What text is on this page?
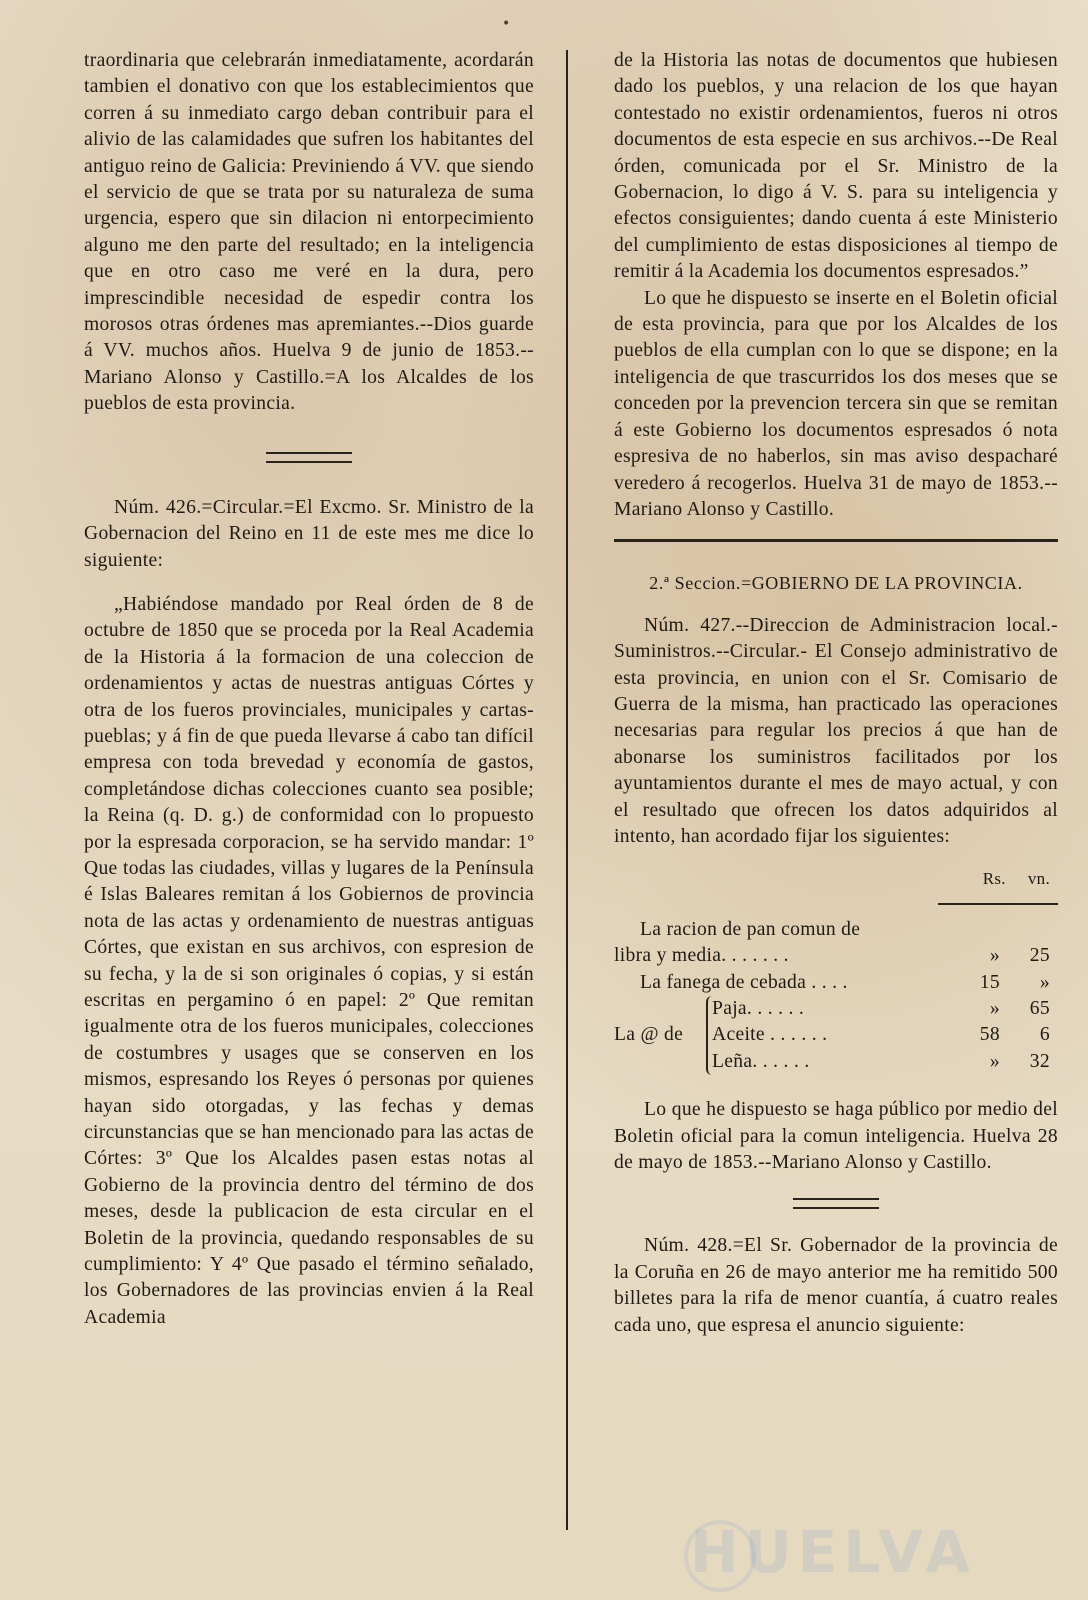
•

traordinaria que celebrarán inmediatamente, acordarán tambien el donativo con que los establecimientos que corren á su inmediato cargo deban contribuir para el alivio de las calamidades que sufren los habitantes del antiguo reino de Galicia: Previniendo á VV. que siendo el servicio de que se trata por su naturaleza de suma urgencia, espero que sin dilacion ni entorpecimiento alguno me den parte del resultado; en la inteligencia que en otro caso me veré en la dura, pero imprescindible necesidad de espedir contra los morosos otras órdenes mas apremiantes.--Dios guarde á VV. muchos años. Huelva 9 de junio de 1853.--Mariano Alonso y Castillo.=A los Alcaldes de los pueblos de esta provincia.

Núm. 426.=Circular.=El Excmo. Sr. Ministro de la Gobernacion del Reino en 11 de este mes me dice lo siguiente:

„Habiéndose mandado por Real órden de 8 de octubre de 1850 que se proceda por la Real Academia de la Historia á la formacion de una coleccion de ordenamientos y actas de nuestras antiguas Córtes y otra de los fueros provinciales, municipales y cartas-pueblas; y á fin de que pueda llevarse á cabo tan difícil empresa con toda brevedad y economía de gastos, completándose dichas colecciones cuanto sea posible; la Reina (q. D. g.) de conformidad con lo propuesto por la espresada corporacion, se ha servido mandar: 1º Que todas las ciudades, villas y lugares de la Península é Islas Baleares remitan á los Gobiernos de provincia nota de las actas y ordenamiento de nuestras antiguas Córtes, que existan en sus archivos, con espresion de su fecha, y la de si son originales ó copias, y si están escritas en pergamino ó en papel: 2º Que remitan igualmente otra de los fueros municipales, colecciones de costumbres y usages que se conserven en los mismos, espresando los Reyes ó personas por quienes hayan sido otorgadas, y las fechas y demas circunstancias que se han mencionado para las actas de Córtes: 3º Que los Alcaldes pasen estas notas al Gobierno de la provincia dentro del término de dos meses, desde la publicacion de esta circular en el Boletin de la provincia, quedando responsables de su cumplimiento: Y 4º Que pasado el término señalado, los Gobernadores de las provincias envien á la Real Academia

de la Historia las notas de documentos que hubiesen dado los pueblos, y una relacion de los que hayan contestado no existir ordenamientos, fueros ni otros documentos de esta especie en sus archivos.--De Real órden, comunicada por el Sr. Ministro de la Gobernacion, lo digo á V. S. para su inteligencia y efectos consiguientes; dando cuenta á este Ministerio del cumplimiento de estas disposiciones al tiempo de remitir á la Academia los documentos espresados.”

Lo que he dispuesto se inserte en el Boletin oficial de esta provincia, para que por los Alcaldes de los pueblos de ella cumplan con lo que se dispone; en la inteligencia de que trascurridos los dos meses que se conceden por la prevencion tercera sin que se remitan á este Gobierno los documentos espresados ó nota espresiva de no haberlos, sin mas aviso despacharé veredero á recogerlos. Huelva 31 de mayo de 1853.--Mariano Alonso y Castillo.

2.ª Seccion.=GOBIERNO DE LA PROVINCIA.

Núm. 427.--Direccion de Administracion local.-Suministros.--Circular.- El Consejo administrativo de esta provincia, en union con el Sr. Comisario de Guerra de la misma, han practicado las operaciones necesarias para regular los precios á que han de abonarse los suministros facilitados por los ayuntamientos durante el mes de mayo actual, y con el resultado que ofrecen los datos adquiridos al intento, han acordado fijar los siguientes:

Rs. vn.
La racion de pan comun de
libra y media. . . . . . .	»	25
La fanega de cebada . . . .	15	»
La @ de
Paja. . . . . .	»	65
Aceite . . . . . .	58	6
Leña. . . . . .	»	32

Lo que he dispuesto se haga público por medio del Boletin oficial para la comun inteligencia. Huelva 28 de mayo de 1853.--Mariano Alonso y Castillo.

Núm. 428.=El Sr. Gobernador de la provincia de la Coruña en 26 de mayo anterior me ha remitido 500 billetes para la rifa de menor cuantía, á cuatro reales cada uno, que espresa el anuncio siguiente:

HUELVA
